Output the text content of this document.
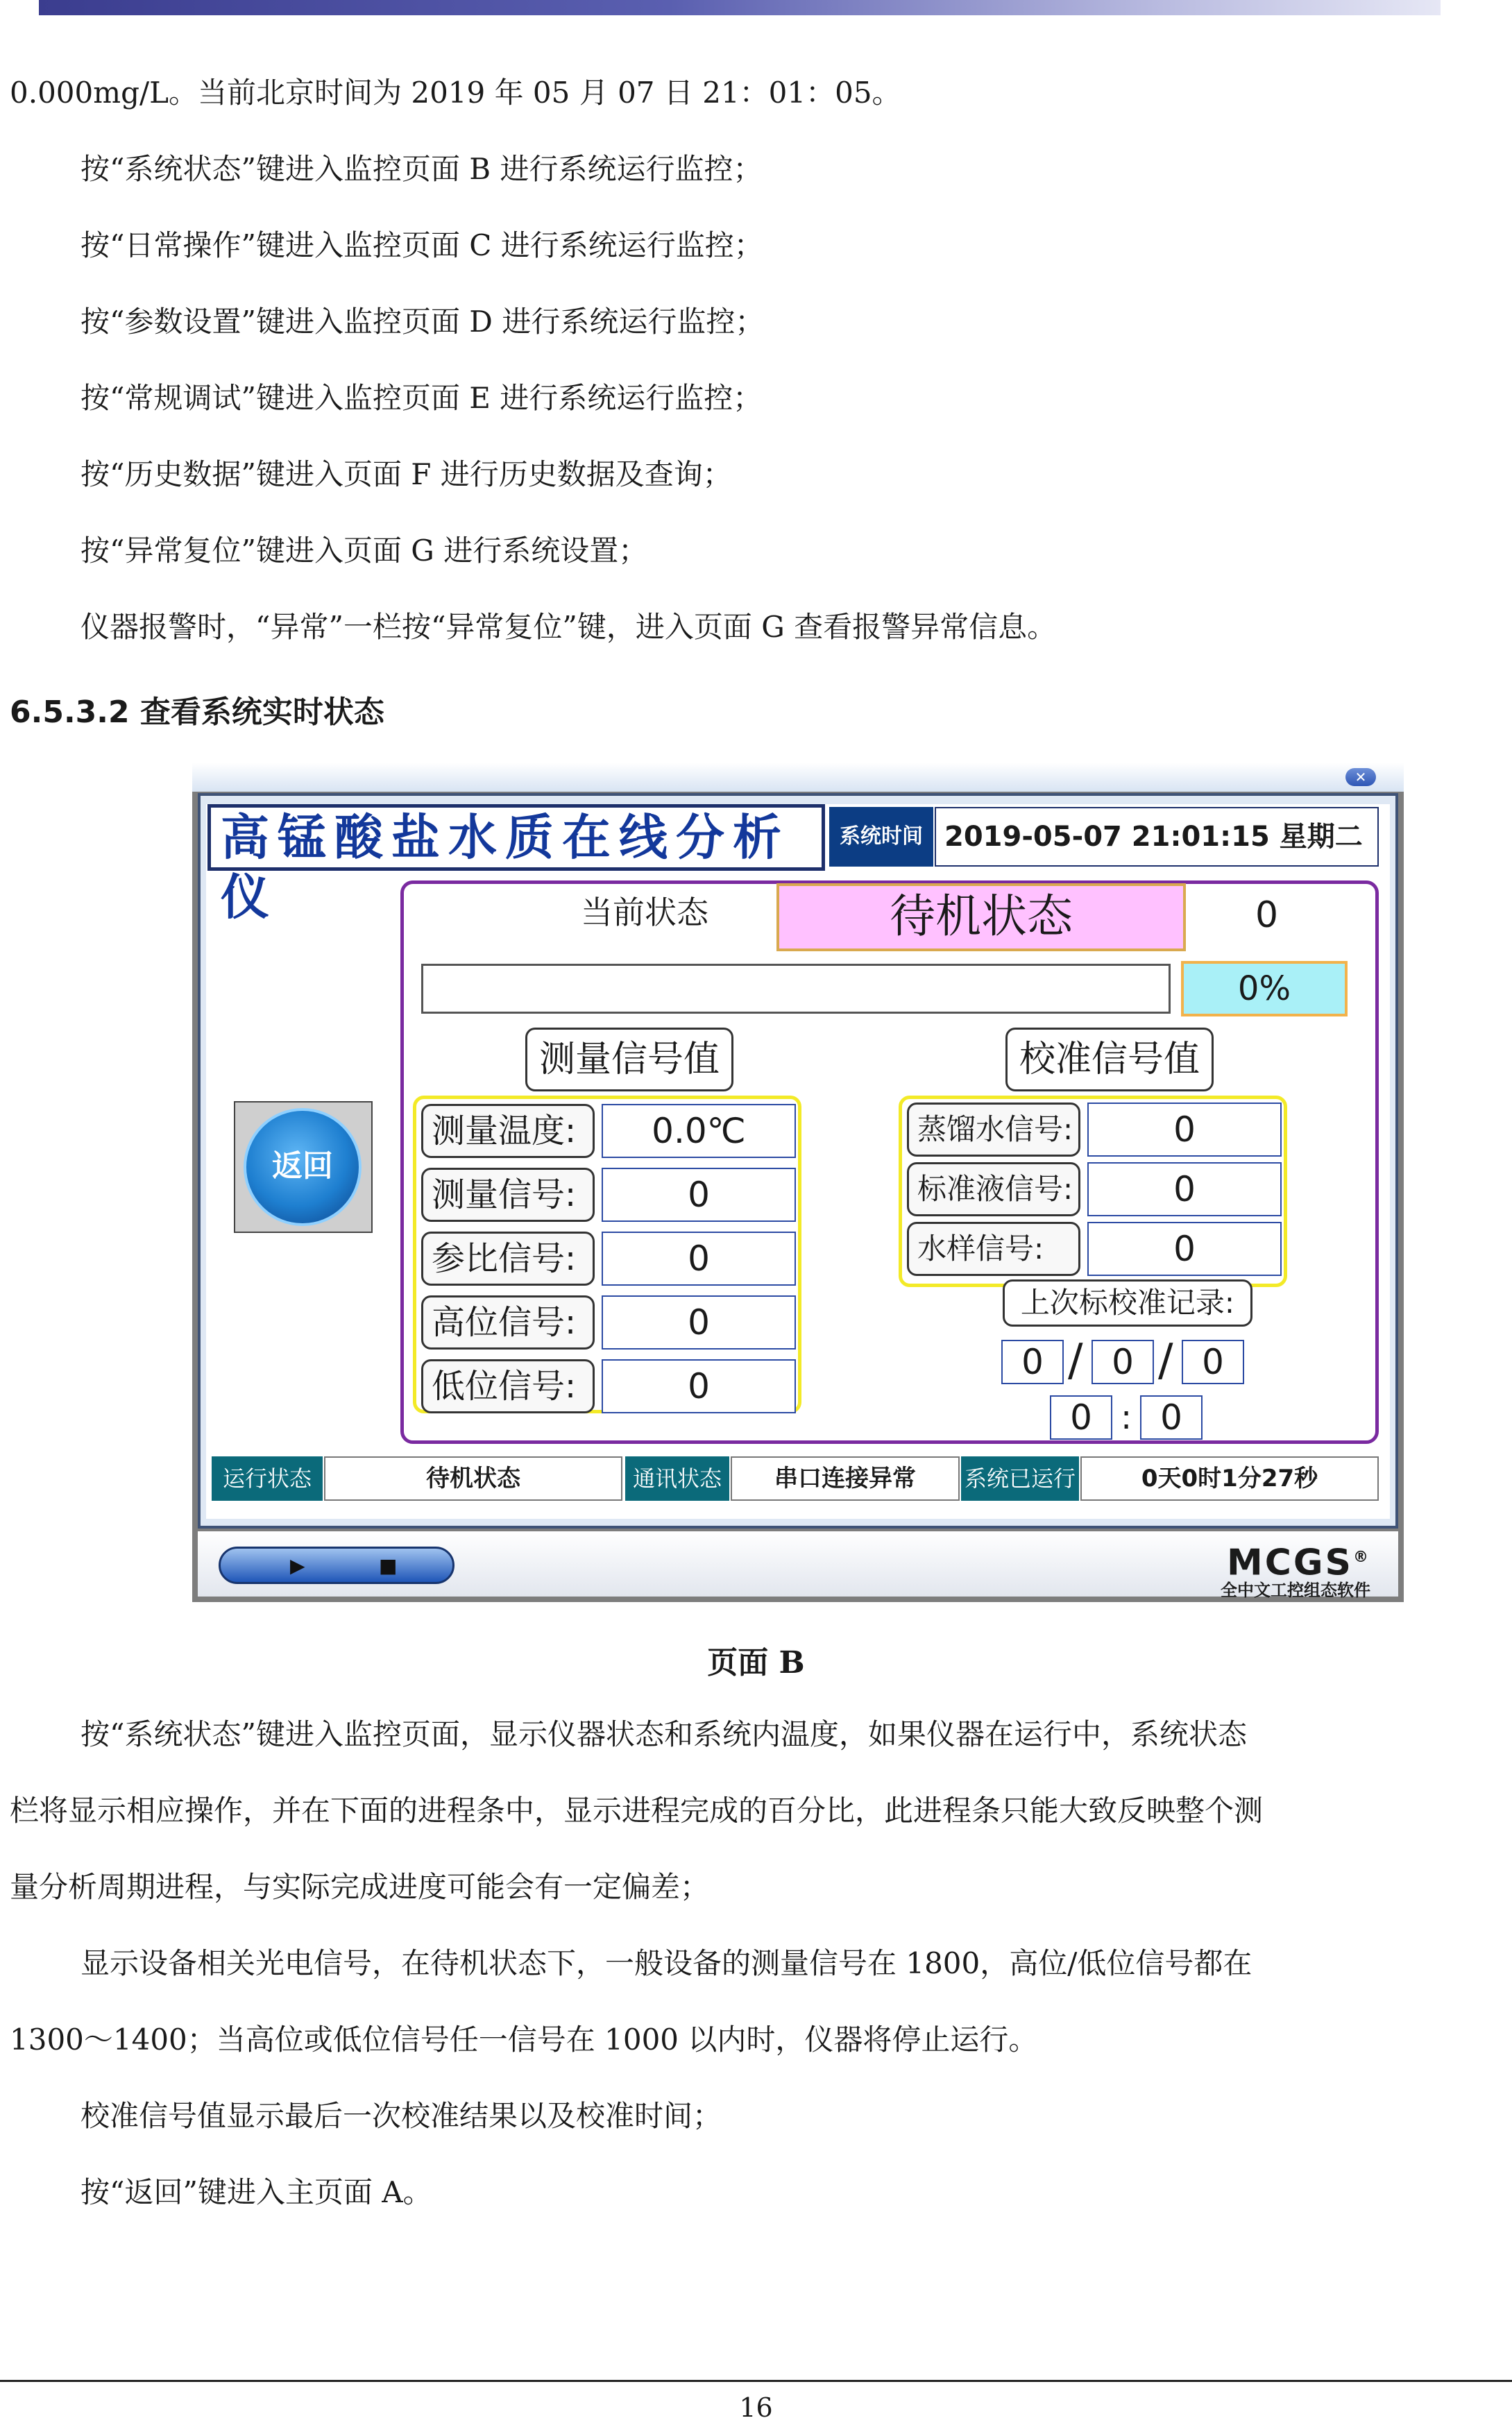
0.000mg/L。当前北京时间为 2019 年 05 月 07 日 21：01：05。
按“系统状态”键进入监控页面 B 进行系统运行监控；
按“日常操作”键进入监控页面 C 进行系统运行监控；
按“参数设置”键进入监控页面 D 进行系统运行监控；
按“常规调试”键进入监控页面 E 进行系统运行监控；
按“历史数据”键进入页面 F 进行历史数据及查询；
按“异常复位”键进入页面 G 进行系统设置；
仪器报警时，“异常”一栏按“异常复位”键，进入页面 G 查看报警异常信息。
6.5.3.2 查看系统实时状态
✕
高锰酸盐水质在线分析仪
系统时间 2019-05-07 21:01:15 星期二
返回
当前状态	待机状态	0
0%
测量信号值	校准信号值
测量温度:	0.0℃
测量信号:	0
参比信号:	0
高位信号:	0
低位信号:	0
蒸馏水信号:	0
标准液信号:	0
水样信号:	0
上次标校准记录:
0 / 0 / 0
0 : 0
运行状态	待机状态	通讯状态	串口连接异常	系统已运行	0天0时1分27秒
▶	■	MCGS®
全中文工控组态软件
页面 B
按“系统状态”键进入监控页面，显示仪器状态和系统内温度，如果仪器在运行中，系统状态
栏将显示相应操作，并在下面的进程条中，显示进程完成的百分比，此进程条只能大致反映整个测
量分析周期进程，与实际完成进度可能会有一定偏差；
显示设备相关光电信号，在待机状态下，一般设备的测量信号在 1800，高位/低位信号都在
1300～1400；当高位或低位信号任一信号在 1000 以内时，仪器将停止运行。
校准信号值显示最后一次校准结果以及校准时间；
按“返回”键进入主页面 A。
16
